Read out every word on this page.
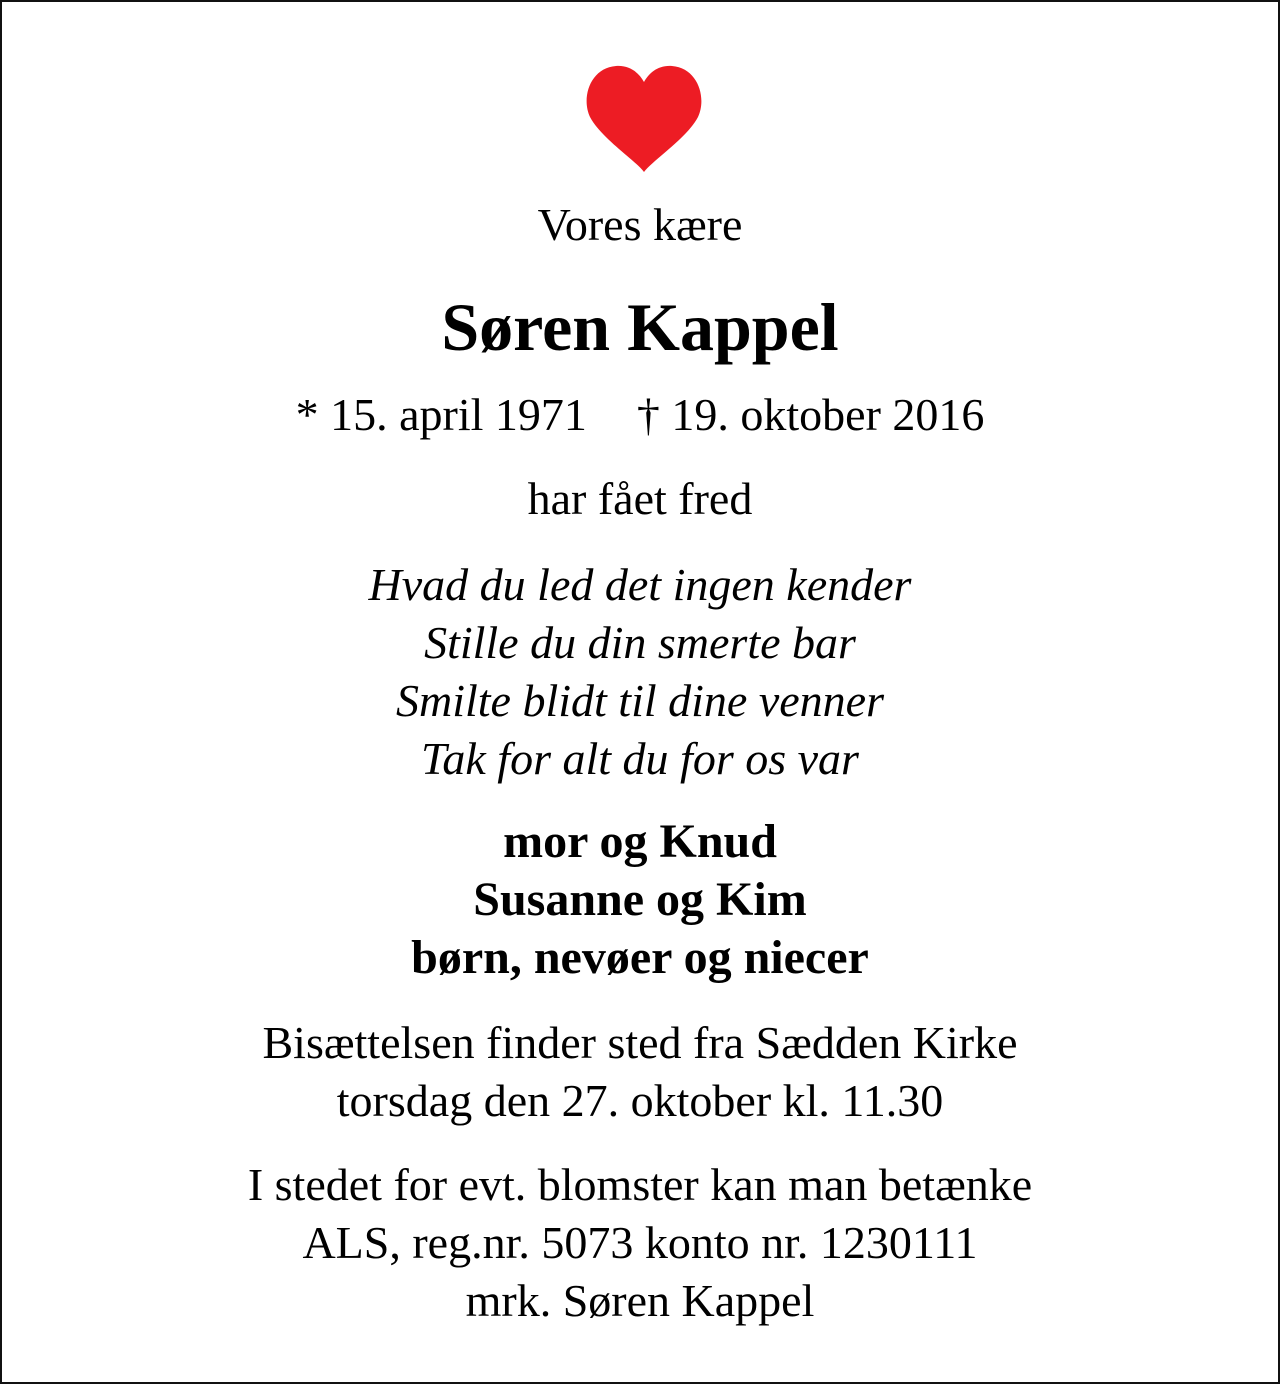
Vores kære
Søren Kappel
* 15. april 1971 † 19. oktober 2016
har fået fred
Hvad du led det ingen kender
Stille du din smerte bar
Smilte blidt til dine venner
Tak for alt du for os var
mor og Knud
Susanne og Kim
børn, nevøer og niecer
Bisættelsen finder sted fra Sædden Kirke
torsdag den 27. oktober kl. 11.30
I stedet for evt. blomster kan man betænke
ALS, reg.nr. 5073 konto nr. 1230111
mrk. Søren Kappel
